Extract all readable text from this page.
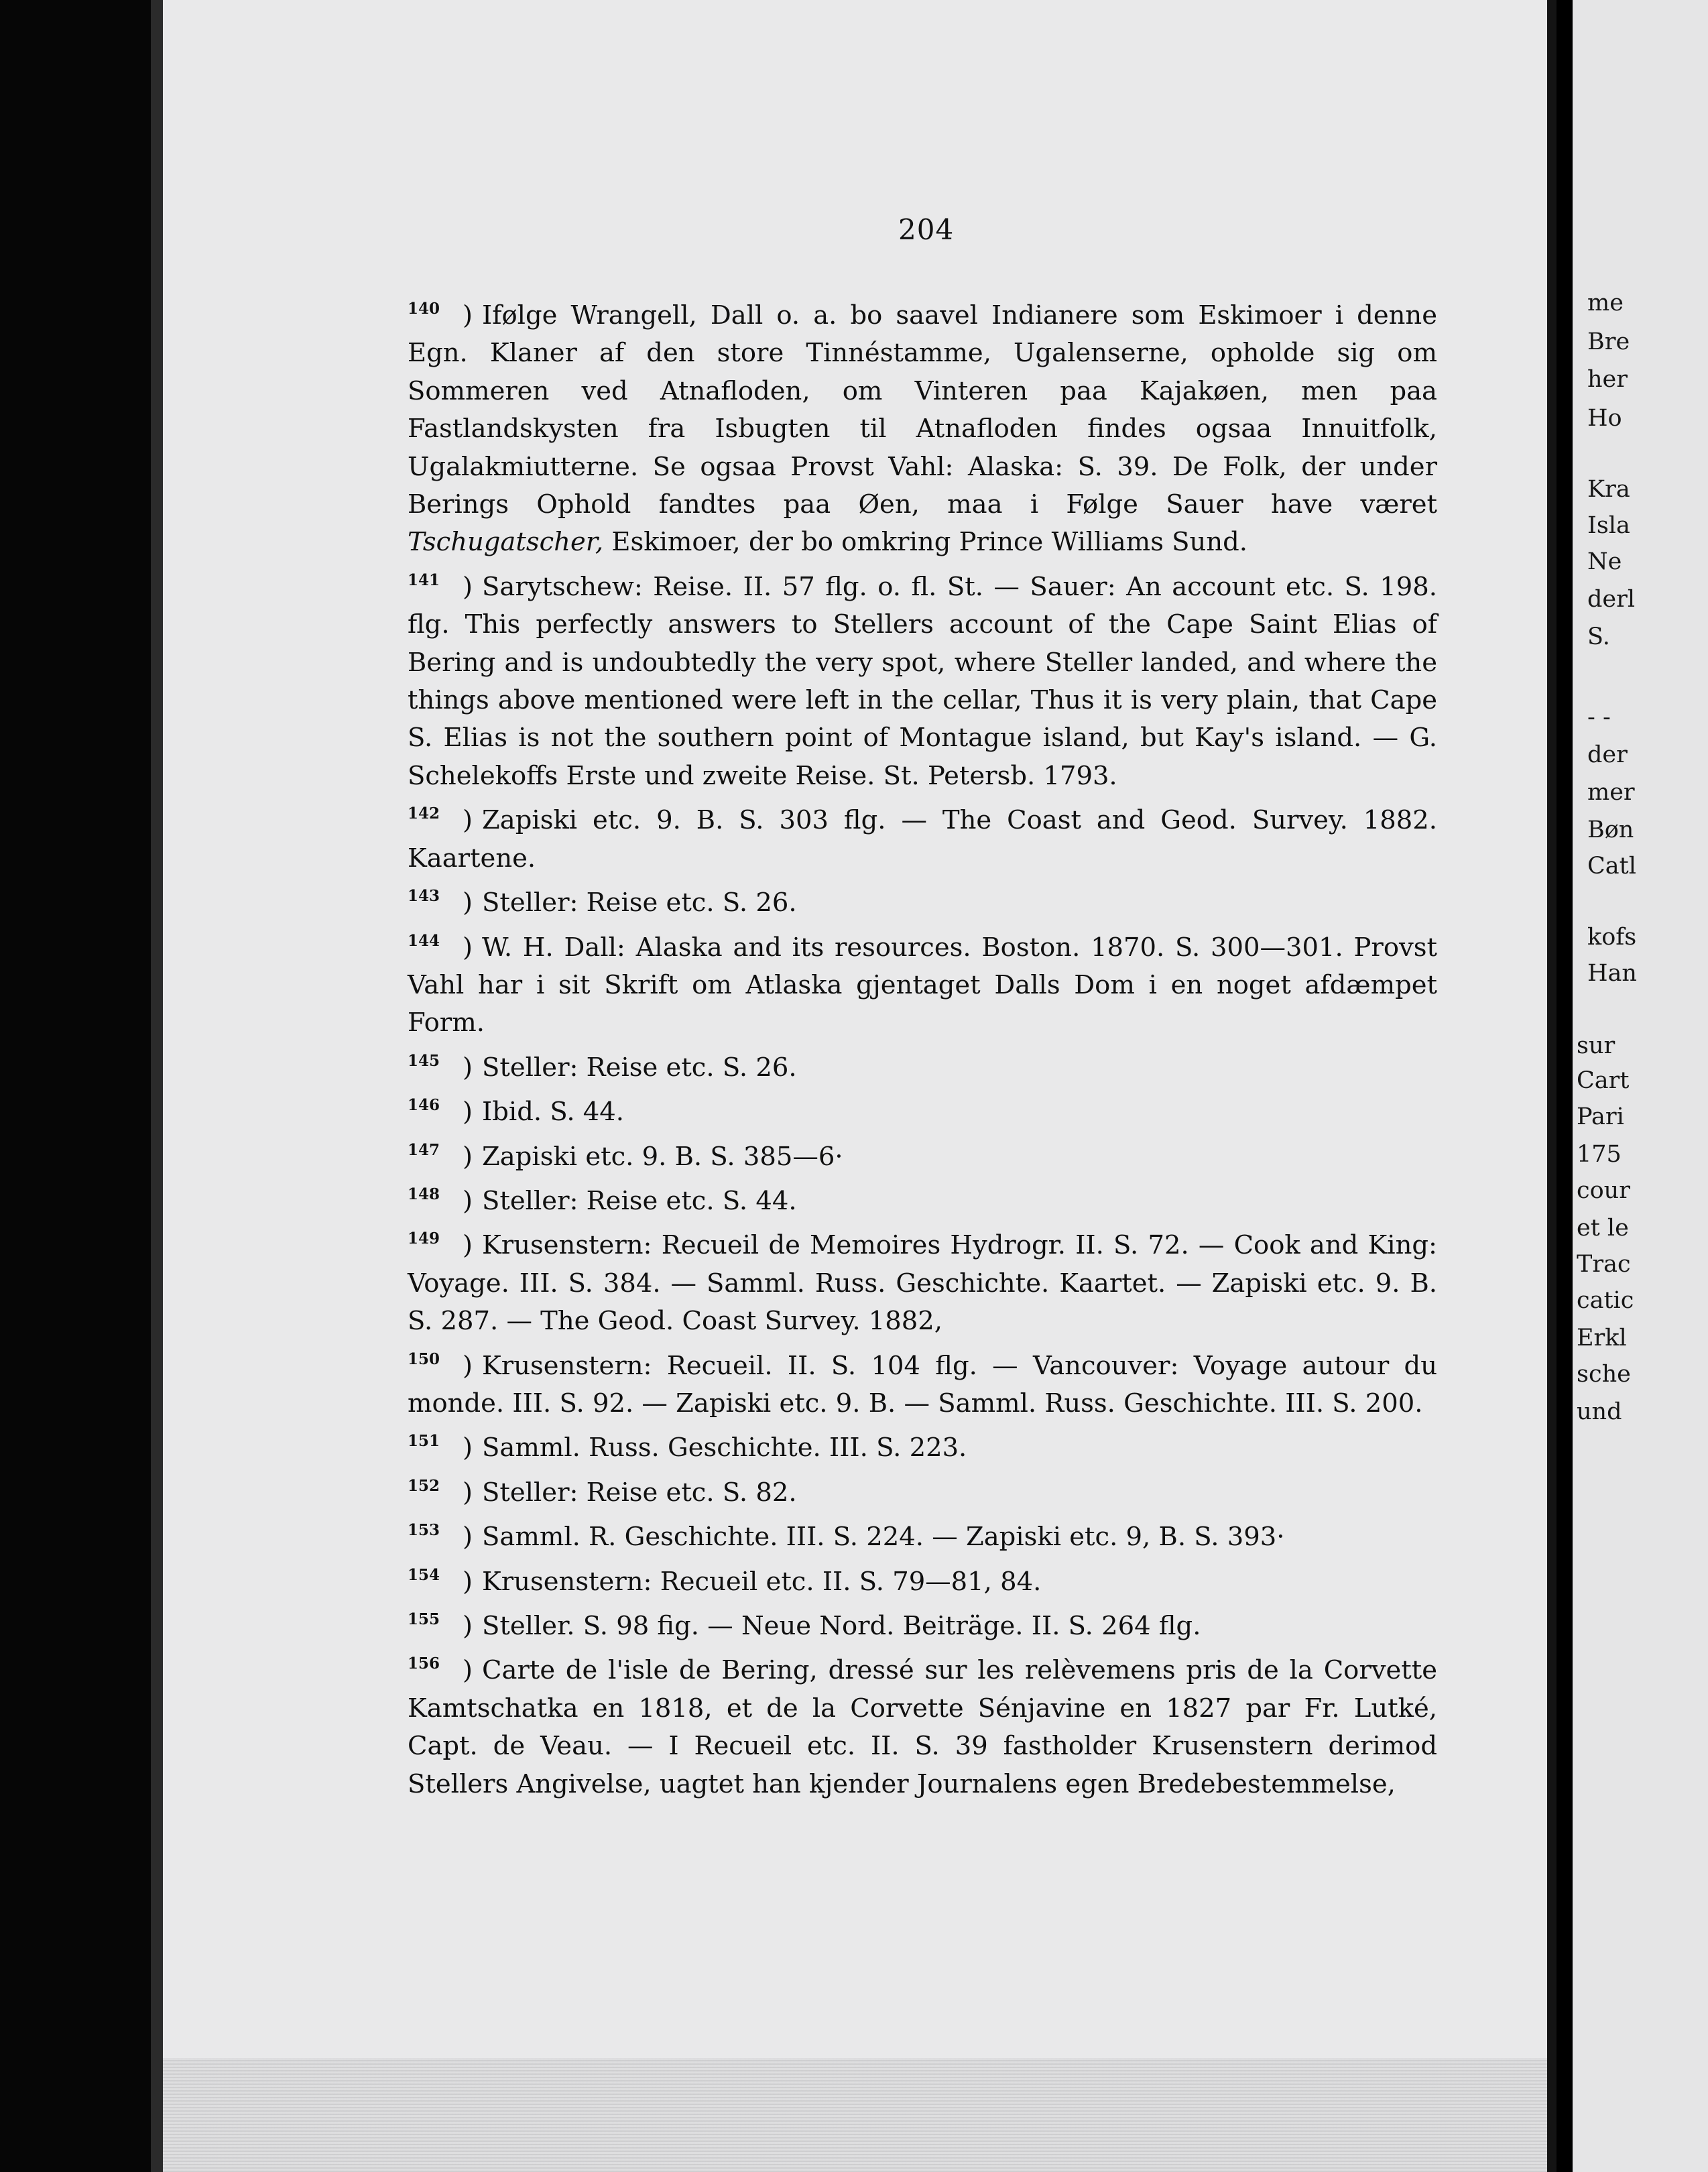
204

140 ) Ifølge Wrangell, Dall o. a. bo saavel Indianere som Eskimoer i denne Egn. Klaner af den store Tinnéstamme, Ugalenserne, opholde sig om Sommeren ved Atnafloden, om Vinteren paa Kajakøen, men paa Fastlandskysten fra Isbugten til Atnafloden findes ogsaa Innuitfolk, Ugalakmiutterne. Se ogsaa Provst Vahl: Alaska: S. 39. De Folk, der under Berings Ophold fandtes paa Øen, maa i Følge Sauer have været Tschugatscher, Eskimoer, der bo omkring Prince Williams Sund.

141 ) Sarytschew: Reise. II. 57 flg. o. fl. St. — Sauer: An account etc. S. 198. flg. This perfectly answers to Stellers account of the Cape Saint Elias of Bering and is undoubtedly the very spot, where Steller landed, and where the things above mentioned were left in the cellar, Thus it is very plain, that Cape S. Elias is not the southern point of Montague island, but Kay's island. — G. Schelekoffs Erste und zweite Reise. St. Petersb. 1793.

142 ) Zapiski etc. 9. B. S. 303 flg. — The Coast and Geod. Survey. 1882. Kaartene.

143 ) Steller: Reise etc. S. 26.

144 ) W. H. Dall: Alaska and its resources. Boston. 1870. S. 300—301. Provst Vahl har i sit Skrift om Atlaska gjentaget Dalls Dom i en noget afdæmpet Form.

145 ) Steller: Reise etc. S. 26.

146 ) Ibid. S. 44.

147 ) Zapiski etc. 9. B. S. 385—6·

148 ) Steller: Reise etc. S. 44.

149 ) Krusenstern: Recueil de Memoires Hydrogr. II. S. 72. — Cook and King: Voyage. III. S. 384. — Samml. Russ. Geschichte. Kaartet. — Zapiski etc. 9. B. S. 287. — The Geod. Coast Survey. 1882,

150 ) Krusenstern: Recueil. II. S. 104 flg. — Vancouver: Voyage autour du monde. III. S. 92. — Zapiski etc. 9. B. — Samml. Russ. Geschichte. III. S. 200.

151 ) Samml. Russ. Geschichte. III. S. 223.

152 ) Steller: Reise etc. S. 82.

153 ) Samml. R. Geschichte. III. S. 224. — Zapiski etc. 9, B. S. 393·

154 ) Krusenstern: Recueil etc. II. S. 79—81, 84.

155 ) Steller. S. 98 fig. — Neue Nord. Beiträge. II. S. 264 flg.

156 ) Carte de l'isle de Bering, dressé sur les relèvemens pris de la Corvette Kamtschatka en 1818, et de la Corvette Sénjavine en 1827 par Fr. Lutké, Capt. de Veau. — I Recueil etc. II. S. 39 fastholder Krusenstern derimod Stellers Angivelse, uagtet han kjender Journalens egen Bredebestemmelse,

me
Bre
her
Ho
Kra
Isla
Ne
derl
S.
- -
der
mer
Bøn
Catl
kofs
Han
sur
Cart
Pari
175
cour
et le
Trac
catic
Erkl
sche
und
